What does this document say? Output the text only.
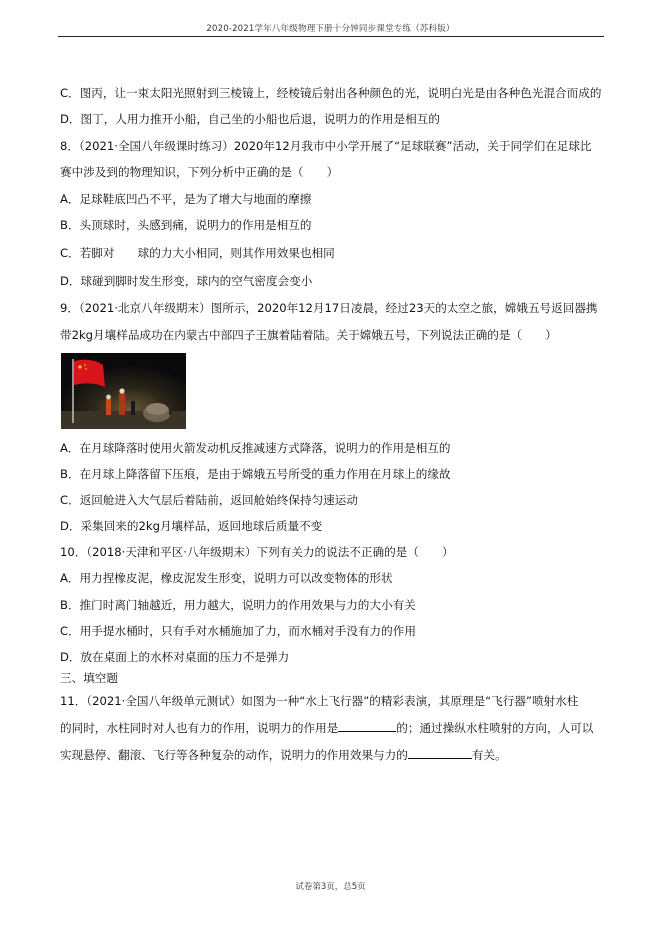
2020-2021学年八年级物理下册十分钟同步课堂专练（苏科版）
C．图丙，让一束太阳光照射到三棱镜上，经棱镜后射出各种颜色的光，说明白光是由各种色光混合而成的
D．图丁，人用力推开小船，自己坐的小船也后退，说明力的作用是相互的
8．（2021·全国八年级课时练习）2020年12月我市中小学开展了“足球联赛”活动，关于同学们在足球比
赛中涉及到的物理知识，下列分析中正确的是（　　）
A．足球鞋底凹凸不平，是为了增大与地面的摩擦
B．头顶球时，头感到痛，说明力的作用是相互的
C．若脚对　　球的力大小相同，则其作用效果也相同
D．球碰到脚时发生形变，球内的空气密度会变小
9．（2021·北京八年级期末）图所示，2020年12月17日凌晨，经过23天的太空之旅，嫦娥五号返回器携
带2kg月壤样品成功在内蒙古中部四子王旗着陆着陆。关于嫦娥五号，下列说法正确的是（　　）
A．在月球降落时使用火箭发动机反推减速方式降落，说明力的作用是相互的
B．在月球上降落留下压痕，是由于嫦娥五号所受的重力作用在月球上的缘故
C．返回舱进入大气层后着陆前，返回舱始终保持匀速运动
D．采集回来的2kg月壤样品，返回地球后质量不变
10．（2018·天津和平区·八年级期末）下列有关力的说法不正确的是（　　）
A．用力捏橡皮泥，橡皮泥发生形变，说明力可以改变物体的形状
B．推门时离门轴越近，用力越大，说明力的作用效果与力的大小有关
C．用手提水桶时，只有手对水桶施加了力，而水桶对手没有力的作用
D．放在桌面上的水杯对桌面的压力不是弹力
三、填空题
11．（2021·全国八年级单元测试）如图为一种“水上飞行器”的精彩表演，其原理是“飞行器”喷射水柱
的同时，水柱同时对人也有力的作用，说明力的作用是	的；通过操纵水柱喷射的方向，人可以
实现悬停、翻滚、飞行等各种复杂的动作，说明力的作用效果与力的	有关。
试卷第3页，总5页
